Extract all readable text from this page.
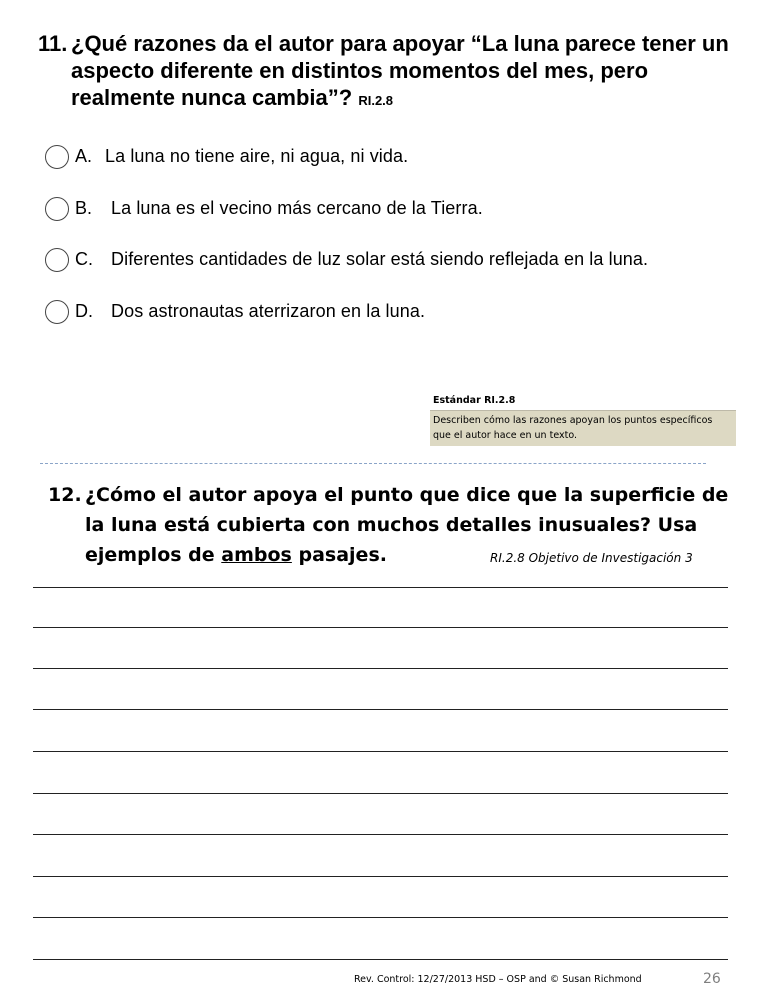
11. ¿Qué razones da el autor para apoyar “La luna parece tener un aspecto diferente en distintos momentos del mes, pero realmente nunca cambia”? RI.2.8
A. La luna no tiene aire, ni agua, ni vida.
B. La luna es el vecino más cercano de la Tierra.
C. Diferentes cantidades de luz solar está siendo reflejada en la luna.
D. Dos astronautas aterrizaron en la luna.
Estándar RI.2.8
Describen cómo las razones apoyan los puntos específicos que el autor hace en un texto.
12. ¿Cómo el autor apoya el punto que dice que la superficie de la luna está cubierta con muchos detalles inusuales? Usa ejemplos de ambos pasajes.	RI.2.8 Objetivo de Investigación 3
Rev. Control: 12/27/2013 HSD – OSP and © Susan Richmond	26
